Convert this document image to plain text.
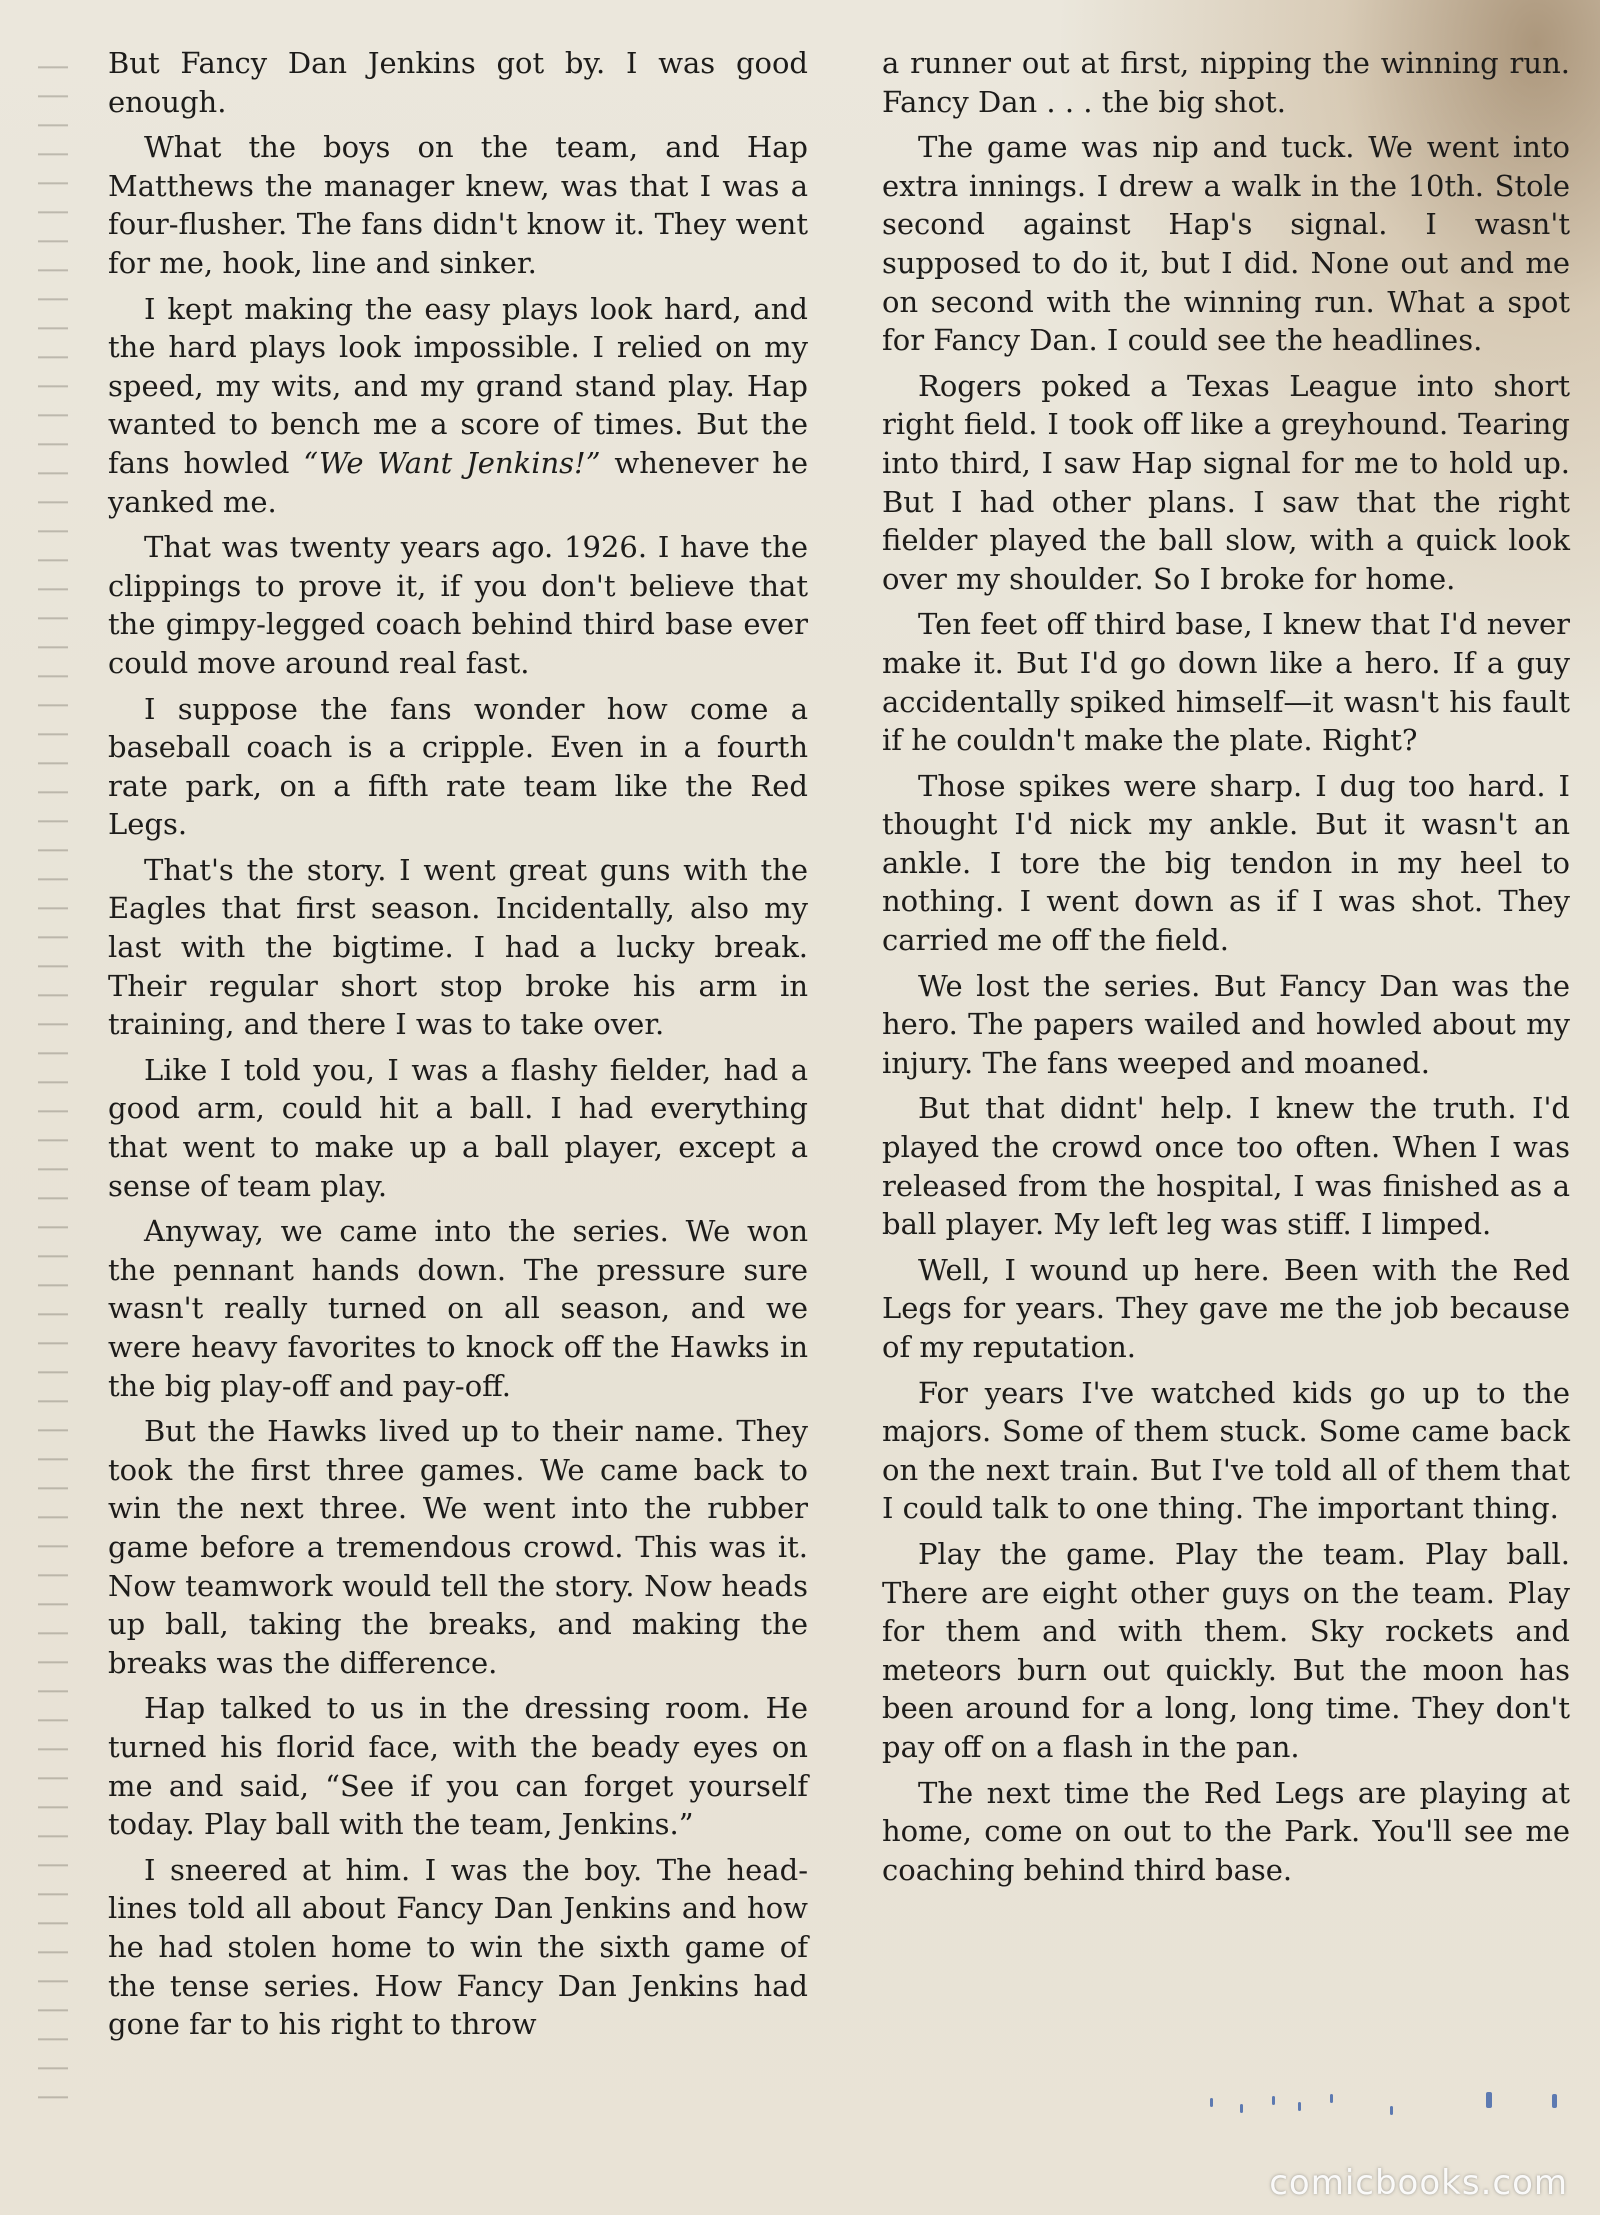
But Fancy Dan Jenkins got by. I was good enough.

What the boys on the team, and Hap Matthews the manager knew, was that I was a four-flusher. The fans didn't know it. They went for me, hook, line and sinker.

I kept making the easy plays look hard, and the hard plays look impossible. I relied on my speed, my wits, and my grand stand play. Hap wanted to bench me a score of times. But the fans howled “We Want Jenkins!” whenever he yanked me.

That was twenty years ago. 1926. I have the clippings to prove it, if you don't believe that the gimpy-legged coach behind third base ever could move around real fast.

I suppose the fans wonder how come a baseball coach is a cripple. Even in a fourth rate park, on a fifth rate team like the Red Legs.

That's the story. I went great guns with the Eagles that first season. Incidentally, also my last with the bigtime. I had a lucky break. Their regular short stop broke his arm in training, and there I was to take over.

Like I told you, I was a flashy fielder, had a good arm, could hit a ball. I had everything that went to make up a ball player, except a sense of team play.

Anyway, we came into the series. We won the pennant hands down. The pressure sure wasn't really turned on all season, and we were heavy favorites to knock off the Hawks in the big play-off and pay-off.

But the Hawks lived up to their name. They took the first three games. We came back to win the next three. We went into the rubber game before a tremendous crowd. This was it. Now teamwork would tell the story. Now heads up ball, taking the breaks, and making the breaks was the difference.

Hap talked to us in the dressing room. He turned his florid face, with the beady eyes on me and said, “See if you can forget yourself today. Play ball with the team, Jenkins.”

I sneered at him. I was the boy. The headlines told all about Fancy Dan Jenkins and how he had stolen home to win the sixth game of the tense series. How Fancy Dan Jenkins had gone far to his right to throw

a runner out at first, nipping the winning run. Fancy Dan . . . the big shot.

The game was nip and tuck. We went into extra innings. I drew a walk in the 10th. Stole second against Hap's signal. I wasn't supposed to do it, but I did. None out and me on second with the winning run. What a spot for Fancy Dan. I could see the headlines.

Rogers poked a Texas League into short right field. I took off like a greyhound. Tearing into third, I saw Hap signal for me to hold up. But I had other plans. I saw that the right fielder played the ball slow, with a quick look over my shoulder. So I broke for home.

Ten feet off third base, I knew that I'd never make it. But I'd go down like a hero. If a guy accidentally spiked himself—it wasn't his fault if he couldn't make the plate. Right?

Those spikes were sharp. I dug too hard. I thought I'd nick my ankle. But it wasn't an ankle. I tore the big tendon in my heel to nothing. I went down as if I was shot. They carried me off the field.

We lost the series. But Fancy Dan was the hero. The papers wailed and howled about my injury. The fans weeped and moaned.

But that didnt' help. I knew the truth. I'd played the crowd once too often. When I was released from the hospital, I was finished as a ball player. My left leg was stiff. I limped.

Well, I wound up here. Been with the Red Legs for years. They gave me the job because of my reputation.

For years I've watched kids go up to the majors. Some of them stuck. Some came back on the next train. But I've told all of them that I could talk to one thing. The important thing.

Play the game. Play the team. Play ball. There are eight other guys on the team. Play for them and with them. Sky rockets and meteors burn out quickly. But the moon has been around for a long, long time. They don't pay off on a flash in the pan.

The next time the Red Legs are playing at home, come on out to the Park. You'll see me coaching behind third base.

comicbooks.com
